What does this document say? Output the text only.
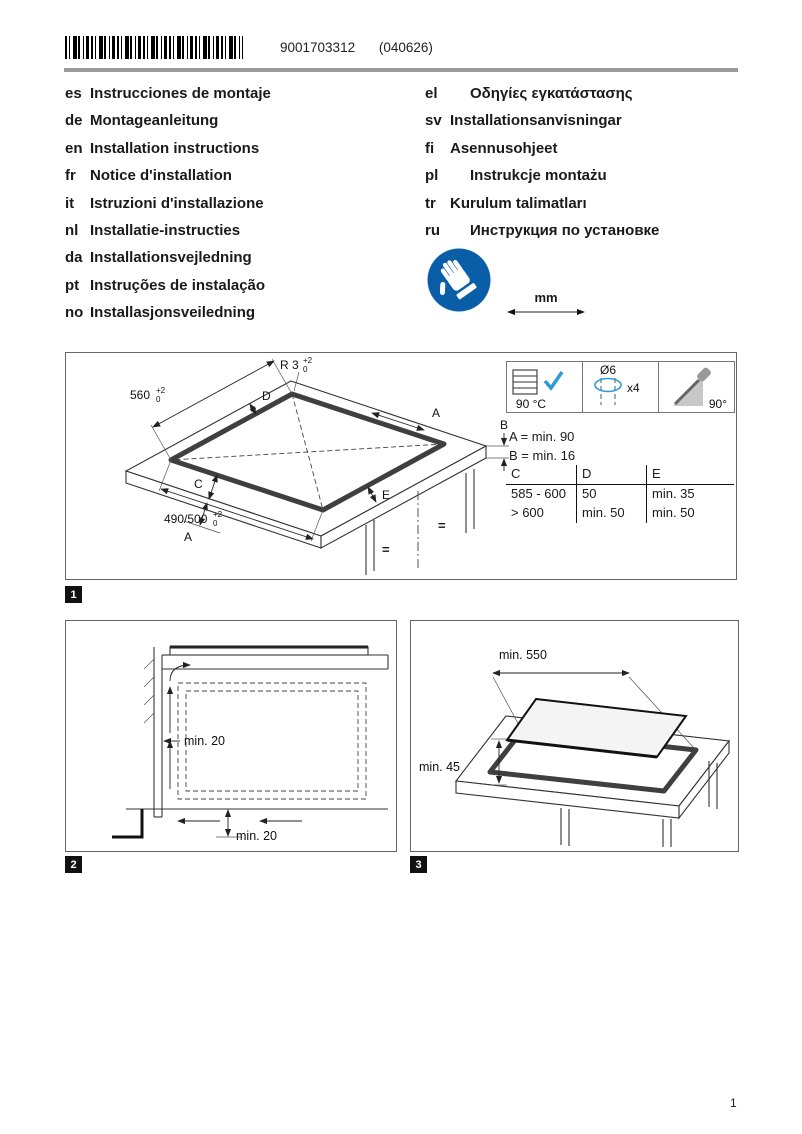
9001703312 (040626)
es Instrucciones de montaje
de Montageanleitung
en Installation instructions
fr Notice d'installation
it Istruzioni d'installazione
nl Installatie-instructies
da Installationsvejledning
pt Instruções de instalação
no Installasjonsveiledning
el Οδηγίες εγκατάστασης
sv Installationsanvisningar
fi Asennusohjeet
pl Instrukcje montażu
tr Kurulum talimatları
ru Инструкция по установке
mm
560 +2
0
490/500 +2
0
R 3 +2
0
D
A
B
E
C
A
=
=
90 °C
Ø6
x4
90°
A = min. 90
B = min. 16
C	D	E
585 - 600	50	min. 35
> 600	min. 50	min. 50
1
min. 20
min. 20
2
min. 550
min. 45
3
1
